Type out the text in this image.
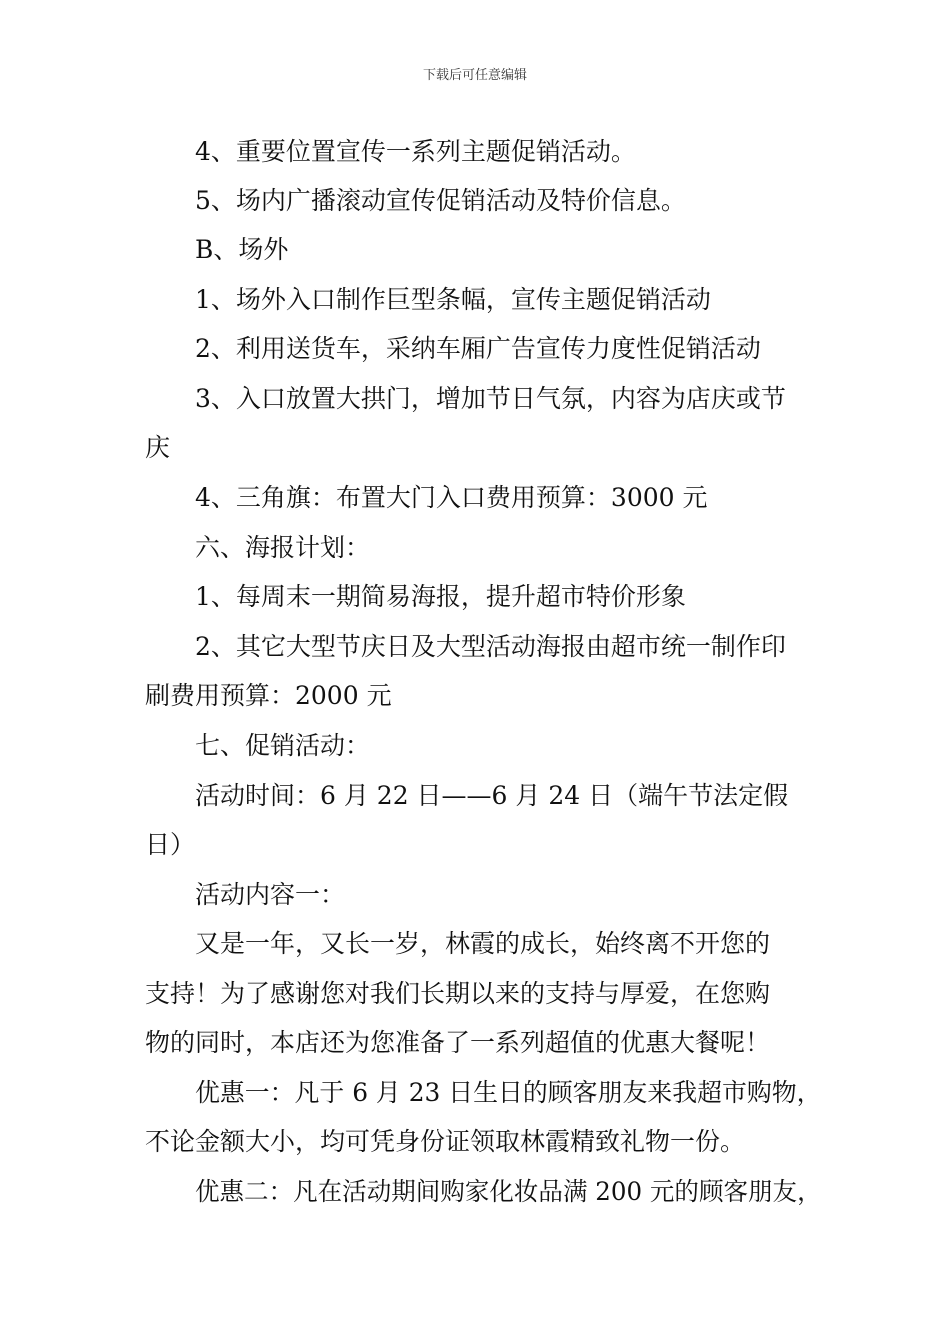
下载后可任意编辑
4、重要位置宣传一系列主题促销活动。
5、场内广播滚动宣传促销活动及特价信息。
B、场外
1、场外入口制作巨型条幅，宣传主题促销活动
2、利用送货车，采纳车厢广告宣传力度性促销活动
3、入口放置大拱门，增加节日气氛，内容为店庆或节
庆
4、三角旗：布置大门入口费用预算：3000 元
六、海报计划：
1、每周末一期简易海报，提升超市特价形象
2、其它大型节庆日及大型活动海报由超市统一制作印
刷费用预算：2000 元
七、促销活动：
活动时间：6 月 22 日——6 月 24 日（端午节法定假
日）
活动内容一：
又是一年，又长一岁，林霞的成长，始终离不开您的
支持！为了感谢您对我们长期以来的支持与厚爱，在您购
物的同时，本店还为您准备了一系列超值的优惠大餐呢！
优惠一：凡于 6 月 23 日生日的顾客朋友来我超市购物，
不论金额大小，均可凭身份证领取林霞精致礼物一份。
优惠二：凡在活动期间购家化妆品满 200 元的顾客朋友，
